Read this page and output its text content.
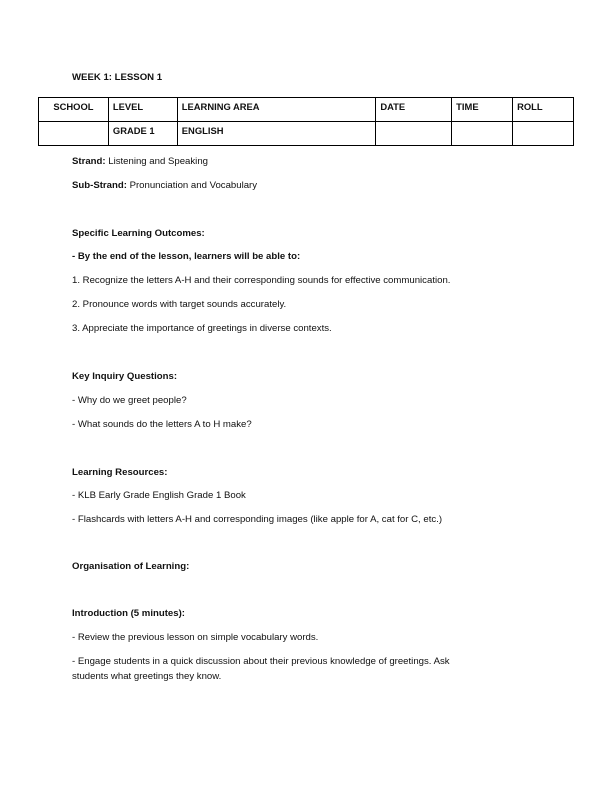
WEEK 1: LESSON 1
SCHOOL	LEVEL	LEARNING AREA	DATE	TIME	ROLL
	GRADE 1	ENGLISH			
Strand: Listening and Speaking
Sub-Strand: Pronunciation and Vocabulary
Specific Learning Outcomes:
- By the end of the lesson, learners will be able to:
1. Recognize the letters A-H and their corresponding sounds for effective communication.
2. Pronounce words with target sounds accurately.
3. Appreciate the importance of greetings in diverse contexts.
Key Inquiry Questions:
- Why do we greet people?
- What sounds do the letters A to H make?
Learning Resources:
- KLB Early Grade English Grade 1 Book
- Flashcards with letters A-H and corresponding images (like apple for A, cat for C, etc.)
Organisation of Learning:
Introduction (5 minutes):
- Review the previous lesson on simple vocabulary words.
- Engage students in a quick discussion about their previous knowledge of greetings. Ask
students what greetings they know.
